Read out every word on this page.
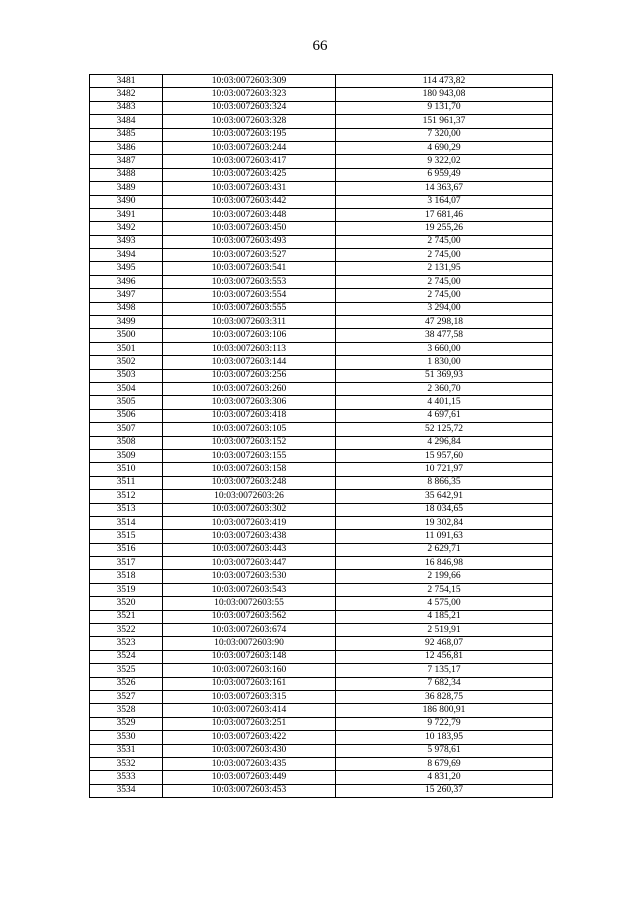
66
3481	10:03:0072603:309	114 473,82
3482	10:03:0072603:323	180 943,08
3483	10:03:0072603:324	9 131,70
3484	10:03:0072603:328	151 961,37
3485	10:03:0072603:195	7 320,00
3486	10:03:0072603:244	4 690,29
3487	10:03:0072603:417	9 322,02
3488	10:03:0072603:425	6 959,49
3489	10:03:0072603:431	14 363,67
3490	10:03:0072603:442	3 164,07
3491	10:03:0072603:448	17 681,46
3492	10:03:0072603:450	19 255,26
3493	10:03:0072603:493	2 745,00
3494	10:03:0072603:527	2 745,00
3495	10:03:0072603:541	2 131,95
3496	10:03:0072603:553	2 745,00
3497	10:03:0072603:554	2 745,00
3498	10:03:0072603:555	3 294,00
3499	10:03:0072603:311	47 298,18
3500	10:03:0072603:106	38 477,58
3501	10:03:0072603:113	3 660,00
3502	10:03:0072603:144	1 830,00
3503	10:03:0072603:256	51 369,93
3504	10:03:0072603:260	2 360,70
3505	10:03:0072603:306	4 401,15
3506	10:03:0072603:418	4 697,61
3507	10:03:0072603:105	52 125,72
3508	10:03:0072603:152	4 296,84
3509	10:03:0072603:155	15 957,60
3510	10:03:0072603:158	10 721,97
3511	10:03:0072603:248	8 866,35
3512	10:03:0072603:26	35 642,91
3513	10:03:0072603:302	18 034,65
3514	10:03:0072603:419	19 302,84
3515	10:03:0072603:438	11 091,63
3516	10:03:0072603:443	2 629,71
3517	10:03:0072603:447	16 846,98
3518	10:03:0072603:530	2 199,66
3519	10:03:0072603:543	2 754,15
3520	10:03:0072603:55	4 575,00
3521	10:03:0072603:562	4 185,21
3522	10:03:0072603:674	2 519,91
3523	10:03:0072603:90	92 468,07
3524	10:03:0072603:148	12 456,81
3525	10:03:0072603:160	7 135,17
3526	10:03:0072603:161	7 682,34
3527	10:03:0072603:315	36 828,75
3528	10:03:0072603:414	186 800,91
3529	10:03:0072603:251	9 722,79
3530	10:03:0072603:422	10 183,95
3531	10:03:0072603:430	5 978,61
3532	10:03:0072603:435	8 679,69
3533	10:03:0072603:449	4 831,20
3534	10:03:0072603:453	15 260,37
